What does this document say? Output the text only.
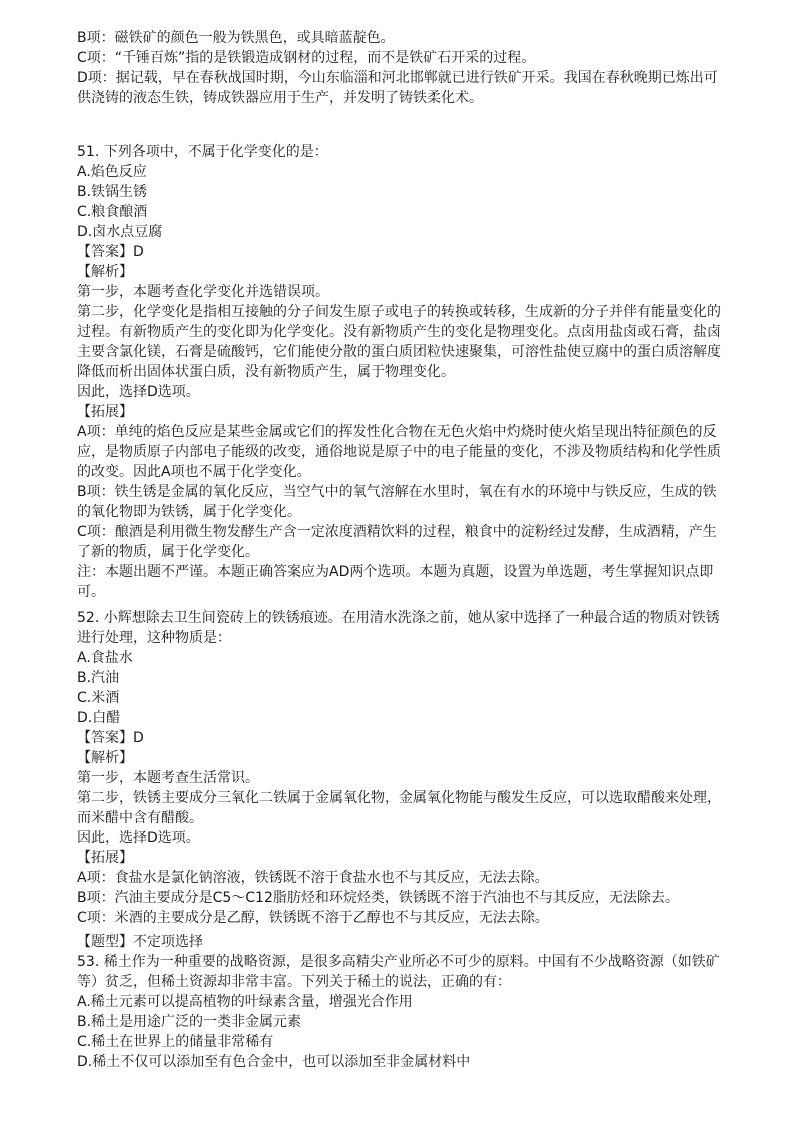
B项：磁铁矿的颜色一般为铁黑色，或具暗蓝靛色。
C项：“千锤百炼”指的是铁锻造成钢材的过程，而不是铁矿石开采的过程。
D项：据记载，早在春秋战国时期，今山东临淄和河北邯郸就已进行铁矿开采。我国在春秋晚期已炼出可
供浇铸的液态生铁，铸成铁器应用于生产，并发明了铸铁柔化术。
51. 下列各项中，不属于化学变化的是：
A.焰色反应
B.铁锅生锈
C.粮食酿酒
D.卤水点豆腐
【答案】D
【解析】
第一步，本题考查化学变化并选错误项。
第二步，化学变化是指相互接触的分子间发生原子或电子的转换或转移，生成新的分子并伴有能量变化的
过程。有新物质产生的变化即为化学变化。没有新物质产生的变化是物理变化。点卤用盐卤或石膏，盐卤
主要含氯化镁，石膏是硫酸钙，它们能使分散的蛋白质团粒快速聚集，可溶性盐使豆腐中的蛋白质溶解度
降低而析出固体状蛋白质，没有新物质产生，属于物理变化。
因此，选择D选项。
【拓展】
A项：单纯的焰色反应是某些金属或它们的挥发性化合物在无色火焰中灼烧时使火焰呈现出特征颜色的反
应，是物质原子内部电子能级的改变，通俗地说是原子中的电子能量的变化，不涉及物质结构和化学性质
的改变。因此A项也不属于化学变化。
B项：铁生锈是金属的氧化反应，当空气中的氧气溶解在水里时，氧在有水的环境中与铁反应，生成的铁
的氧化物即为铁锈，属于化学变化。
C项：酿酒是利用微生物发酵生产含一定浓度酒精饮料的过程，粮食中的淀粉经过发酵，生成酒精，产生
了新的物质，属于化学变化。
注：本题出题不严谨。本题正确答案应为AD两个选项。本题为真题，设置为单选题，考生掌握知识点即
可。
52. 小辉想除去卫生间瓷砖上的铁锈痕迹。在用清水洗涤之前，她从家中选择了一种最合适的物质对铁锈
进行处理，这种物质是：
A.食盐水
B.汽油
C.米酒
D.白醋
【答案】D
【解析】
第一步，本题考查生活常识。
第二步，铁锈主要成分三氧化二铁属于金属氧化物，金属氧化物能与酸发生反应，可以选取醋酸来处理，
而米醋中含有醋酸。
因此，选择D选项。
【拓展】
A项：食盐水是氯化钠溶液，铁锈既不溶于食盐水也不与其反应，无法去除。
B项：汽油主要成分是C5～C12脂肪烃和环烷烃类，铁锈既不溶于汽油也不与其反应，无法除去。
C项：米酒的主要成分是乙醇，铁锈既不溶于乙醇也不与其反应，无法去除。
【题型】不定项选择
53. 稀土作为一种重要的战略资源，是很多高精尖产业所必不可少的原料。中国有不少战略资源（如铁矿
等）贫乏，但稀土资源却非常丰富。下列关于稀土的说法，正确的有：
A.稀土元素可以提高植物的叶绿素含量，增强光合作用
B.稀土是用途广泛的一类非金属元素
C.稀土在世界上的储量非常稀有
D.稀土不仅可以添加至有色合金中，也可以添加至非金属材料中
